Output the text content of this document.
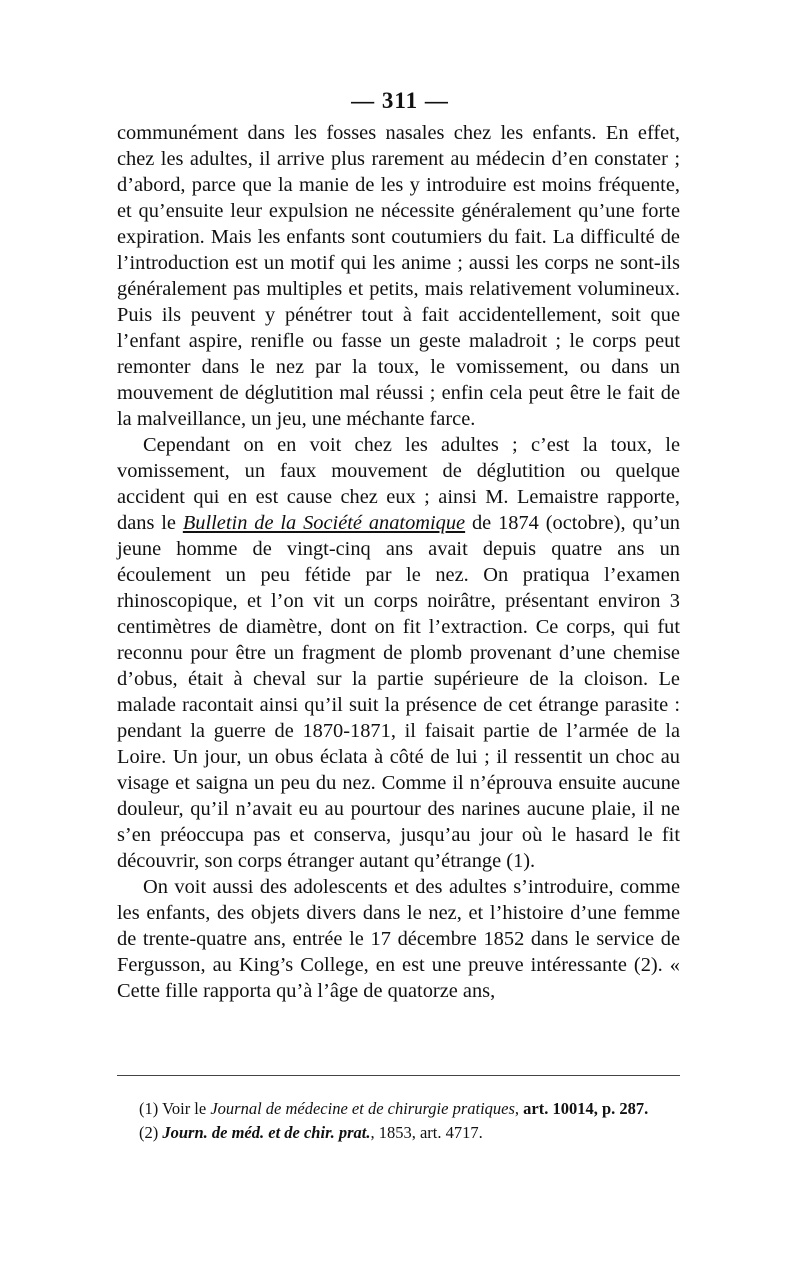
— 311 —

communément dans les fosses nasales chez les enfants. En effet, chez les adultes, il arrive plus rarement au médecin d’en constater ; d’abord, parce que la manie de les y introduire est moins fréquente, et qu’ensuite leur expulsion ne nécessite généralement qu’une forte expiration. Mais les enfants sont coutumiers du fait. La difficulté de l’introduction est un motif qui les anime ; aussi les corps ne sont-ils généralement pas multiples et petits, mais relativement volumineux. Puis ils peuvent y pénétrer tout à fait accidentellement, soit que l’enfant aspire, renifle ou fasse un geste maladroit ; le corps peut remonter dans le nez par la toux, le vomissement, ou dans un mouvement de déglutition mal réussi ; enfin cela peut être le fait de la malveillance, un jeu, une méchante farce.

Cependant on en voit chez les adultes ; c’est la toux, le vomissement, un faux mouvement de déglutition ou quelque accident qui en est cause chez eux ; ainsi M. Lemaistre rapporte, dans le Bulletin de la Société anatomique de 1874 (octobre), qu’un jeune homme de vingt-cinq ans avait depuis quatre ans un écoulement un peu fétide par le nez. On pratiqua l’examen rhinoscopique, et l’on vit un corps noirâtre, présentant environ 3 centimètres de diamètre, dont on fit l’extraction. Ce corps, qui fut reconnu pour être un fragment de plomb provenant d’une chemise d’obus, était à cheval sur la partie supérieure de la cloison. Le malade racontait ainsi qu’il suit la présence de cet étrange parasite : pendant la guerre de 1870-1871, il faisait partie de l’armée de la Loire. Un jour, un obus éclata à côté de lui ; il ressentit un choc au visage et saigna un peu du nez. Comme il n’éprouva ensuite aucune douleur, qu’il n’avait eu au pourtour des narines aucune plaie, il ne s’en préoccupa pas et conserva, jusqu’au jour où le hasard le fit découvrir, son corps étranger autant qu’étrange (1).

On voit aussi des adolescents et des adultes s’introduire, comme les enfants, des objets divers dans le nez, et l’histoire d’une femme de trente-quatre ans, entrée le 17 décembre 1852 dans le service de Fergusson, au King’s College, en est une preuve intéressante (2). « Cette fille rapporta qu’à l’âge de quatorze ans,

(1) Voir le Journal de médecine et de chirurgie pratiques, art. 10014, p. 287.

(2) Journ. de méd. et de chir. prat., 1853, art. 4717.
